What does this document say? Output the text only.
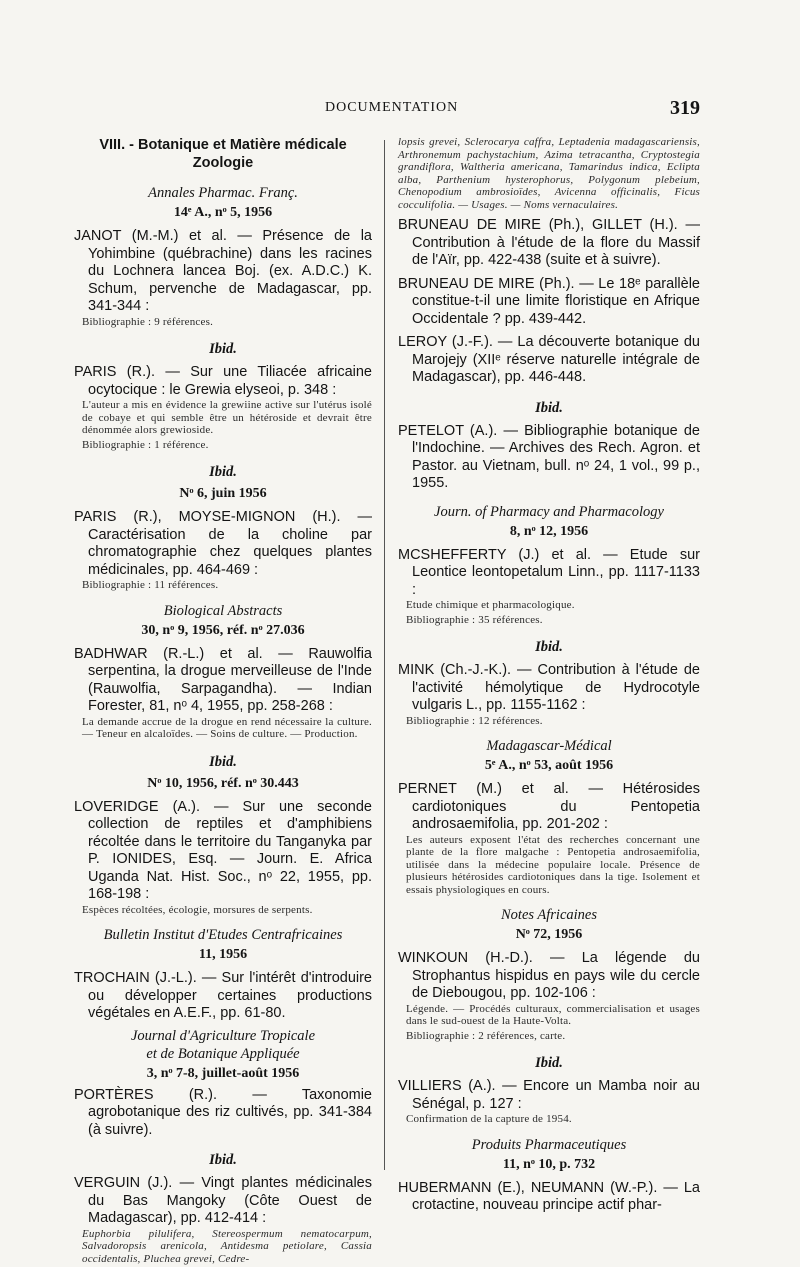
DOCUMENTATION	319
VIII. - Botanique et Matière médicale Zoologie
Annales Pharmac. Franç.
14ᵉ A., nᵒ 5, 1956
JANOT (M.-M.) et al. — Présence de la Yohimbine (québrachine) dans les racines du Lochnera lancea Boj. (ex. A.D.C.) K. Schum, pervenche de Madagascar, pp. 341-344 :
Bibliographie : 9 références.
Ibid.
PARIS (R.). — Sur une Tiliacée africaine ocytocique : le Grewia elyseoi, p. 348 :
L'auteur a mis en évidence la grewiine active sur l'utérus isolé de cobaye et qui semble être un hétéroside et devrait être dénommée alors grewioside.
Bibliographie : 1 référence.
Ibid.
Nᵒ 6, juin 1956
PARIS (R.), MOYSE-MIGNON (H.). — Caractérisation de la choline par chromatographie chez quelques plantes médicinales, pp. 464-469 :
Bibliographie : 11 références.
Biological Abstracts
30, nᵒ 9, 1956, réf. nᵒ 27.036
BADHWAR (R.-L.) et al. — Rauwolfia serpentina, la drogue merveilleuse de l'Inde (Rauwolfia, Sarpagandha). — Indian Forester, 81, nᵒ 4, 1955, pp. 258-268 :
La demande accrue de la drogue en rend nécessaire la culture. — Teneur en alcaloïdes. — Soins de culture. — Production.
Ibid.
Nᵒ 10, 1956, réf. nᵒ 30.443
LOVERIDGE (A.). — Sur une seconde collection de reptiles et d'amphibiens récoltée dans le territoire du Tanganyka par P. IONIDES, Esq. — Journ. E. Africa Uganda Nat. Hist. Soc., nᵒ 22, 1955, pp. 168-198 :
Espèces récoltées, écologie, morsures de serpents.
Bulletin Institut d'Etudes Centrafricaines
11, 1956
TROCHAIN (J.-L.). — Sur l'intérêt d'introduire ou développer certaines productions végétales en A.E.F., pp. 61-80.
Journal d'Agriculture Tropicale
et de Botanique Appliquée
3, nᵒ 7-8, juillet-août 1956
PORTÈRES (R.). — Taxonomie agrobotanique des riz cultivés, pp. 341-384 (à suivre).
Ibid.
VERGUIN (J.). — Vingt plantes médicinales du Bas Mangoky (Côte Ouest de Madagascar), pp. 412-414 :
Euphorbia pilulifera, Stereospermum nematocarpum, Salvadoropsis arenicola, Antidesma petiolare, Cassia occidentalis, Pluchea grevei, Cedre-
lopsis grevei, Sclerocarya caffra, Leptadenia madagascariensis, Arthronemum pachystachium, Azima tetracantha, Cryptostegia grandiflora, Waltheria americana, Tamarindus indica, Eclipta alba, Parthenium hysterophorus, Polygonum plebeium, Chenopodium ambrosioïdes, Avicenna officinalis, Ficus cocculifolia. — Usages. — Noms vernaculaires.
BRUNEAU DE MIRE (Ph.), GILLET (H.). — Contribution à l'étude de la flore du Massif de l'Aïr, pp. 422-438 (suite et à suivre).
BRUNEAU DE MIRE (Ph.). — Le 18ᵉ parallèle constitue-t-il une limite floristique en Afrique Occidentale ? pp. 439-442.
LEROY (J.-F.). — La découverte botanique du Marojejy (XIIᵉ réserve naturelle intégrale de Madagascar), pp. 446-448.
Ibid.
PETELOT (A.). — Bibliographie botanique de l'Indochine. — Archives des Rech. Agron. et Pastor. au Vietnam, bull. nᵒ 24, 1 vol., 99 p., 1955.
Journ. of Pharmacy and Pharmacology
8, nᵒ 12, 1956
MCSHEFFERTY (J.) et al. — Etude sur Leontice leontopetalum Linn., pp. 1117-1133 :
Etude chimique et pharmacologique.
Bibliographie : 35 références.
Ibid.
MINK (Ch.-J.-K.). — Contribution à l'étude de l'activité hémolytique de Hydrocotyle vulgaris L., pp. 1155-1162 :
Bibliographie : 12 références.
Madagascar-Médical
5ᵉ A., nᵒ 53, août 1956
PERNET (M.) et al. — Hétérosides cardiotoniques du Pentopetia androsaemifolia, pp. 201-202 :
Les auteurs exposent l'état des recherches concernant une plante de la flore malgache : Pentopetia androsaemifolia, utilisée dans la médecine populaire locale. Présence de plusieurs hétérosides cardiotoniques dans la tige. Isolement et essais physiologiques en cours.
Notes Africaines
Nᵒ 72, 1956
WINKOUN (H.-D.). — La légende du Strophantus hispidus en pays wile du cercle de Diebougou, pp. 102-106 :
Légende. — Procédés culturaux, commercialisation et usages dans le sud-ouest de la Haute-Volta.
Bibliographie : 2 références, carte.
Ibid.
VILLIERS (A.). — Encore un Mamba noir au Sénégal, p. 127 :
Confirmation de la capture de 1954.
Produits Pharmaceutiques
11, nᵒ 10, p. 732
HUBERMANN (E.), NEUMANN (W.-P.). — La crotactine, nouveau principe actif phar-
